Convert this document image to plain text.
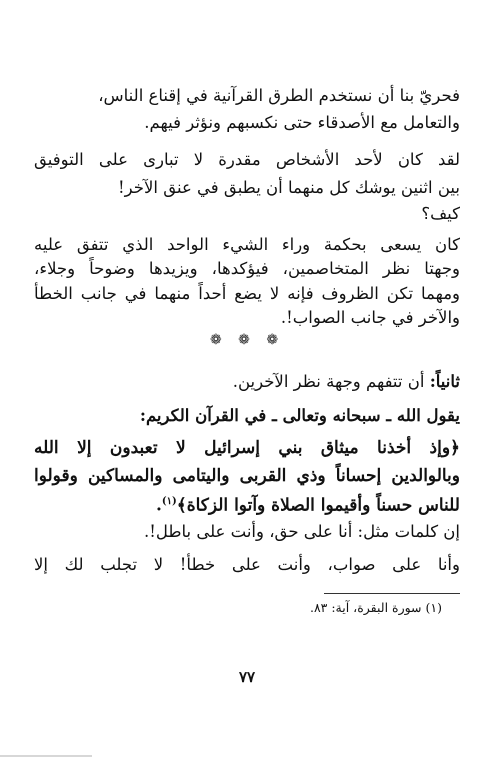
فحريّ بنا أن نستخدم الطرق القرآنية في إقناع الناس،
والتعامل مع الأصدقاء حتى نكسبهم ونؤثر فيهم.
لقد كان لأحد الأشخاص مقدرة لا تبارى على التوفيق
بين اثنين يوشك كل منهما أن يطبق في عنق الآخر!
كيف؟
كان يسعى بحكمة وراء الشيء الواحد الذي تتفق عليه
وجهتا نظر المتخاصمين، فيؤكدها، ويزيدها وضوحاً وجلاء،
ومهما تكن الظروف فإنه لا يضع أحداً منهما في جانب الخطأ
والآخر في جانب الصواب!.
❁ ❁ ❁
ثانياً: أن تتفهم وجهة نظر الآخرين.
يقول الله ـ سبحانه وتعالى ـ في القرآن الكريم:
﴿وإذ أخذنا ميثاق بني إسرائيل لا تعبدون إلا الله
وبالوالدين إحساناً وذي القربى واليتامى والمساكين وقولوا
للناس حسناً وأقيموا الصلاة وآتوا الزكاة﴾$^{(١)}$.
إن كلمات مثل: أنا على حق، وأنت على باطل!.
وأنا على صواب، وأنت على خطأ! لا تجلب لك إلا
(١) سورة البقرة، آية: ٨٣.
٧٧
